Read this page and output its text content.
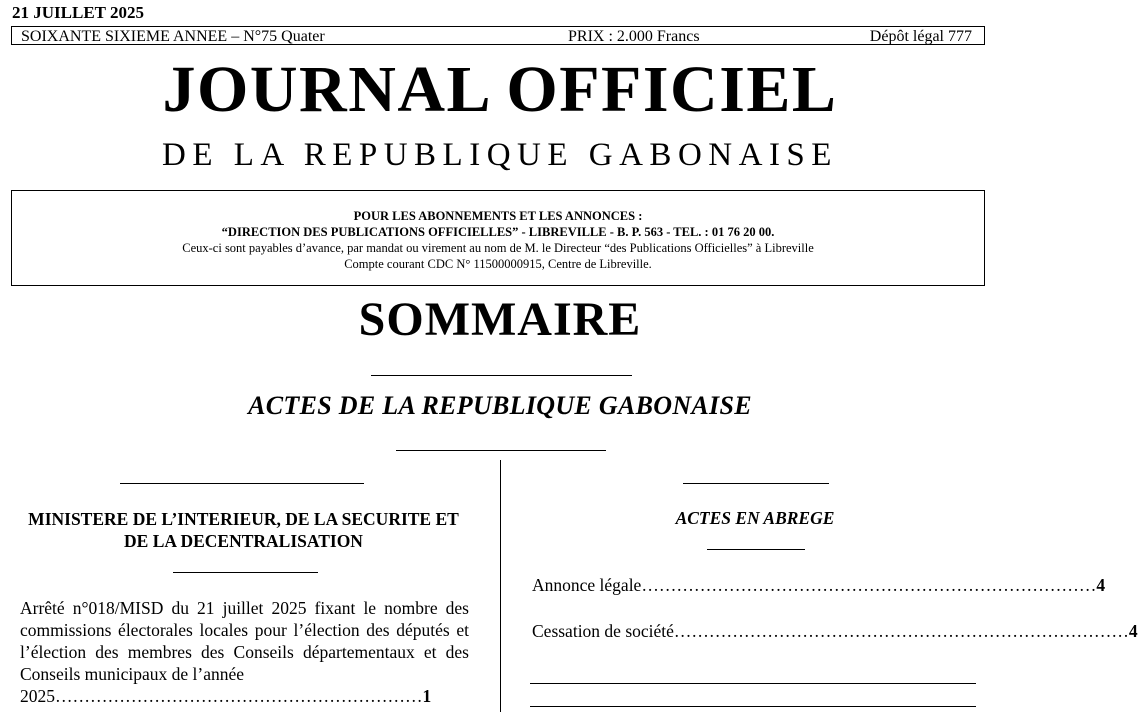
21 JUILLET 2025
SOIXANTE SIXIEME ANNEE – N°75 Quater	PRIX : 2.000 Francs	Dépôt légal 777
JOURNAL OFFICIEL
DE LA REPUBLIQUE GABONAISE
POUR LES ABONNEMENTS ET LES ANNONCES :
“DIRECTION DES PUBLICATIONS OFFICIELLES” - LIBREVILLE - B. P. 563 - TEL. : 01 76 20 00.
Ceux-ci sont payables d’avance, par mandat ou virement au nom de M. le Directeur “des Publications Officielles” à Libreville
Compte courant CDC N° 11500000915, Centre de Libreville.
SOMMAIRE
ACTES DE LA REPUBLIQUE GABONAISE
MINISTERE DE L’INTERIEUR, DE LA SECURITE ET DE LA DECENTRALISATION
Arrêté n°018/MISD du 21 juillet 2025 fixant le nombre des commissions électorales locales pour l’élection des députés et l’élection des membres des Conseils départementaux et des Conseils municipaux de l’année
2025………………………………………………………1
ACTES EN ABREGE
Annonce légale …………………………………………………………………… 4
Cessation de société …………………………………………………………………… 4
